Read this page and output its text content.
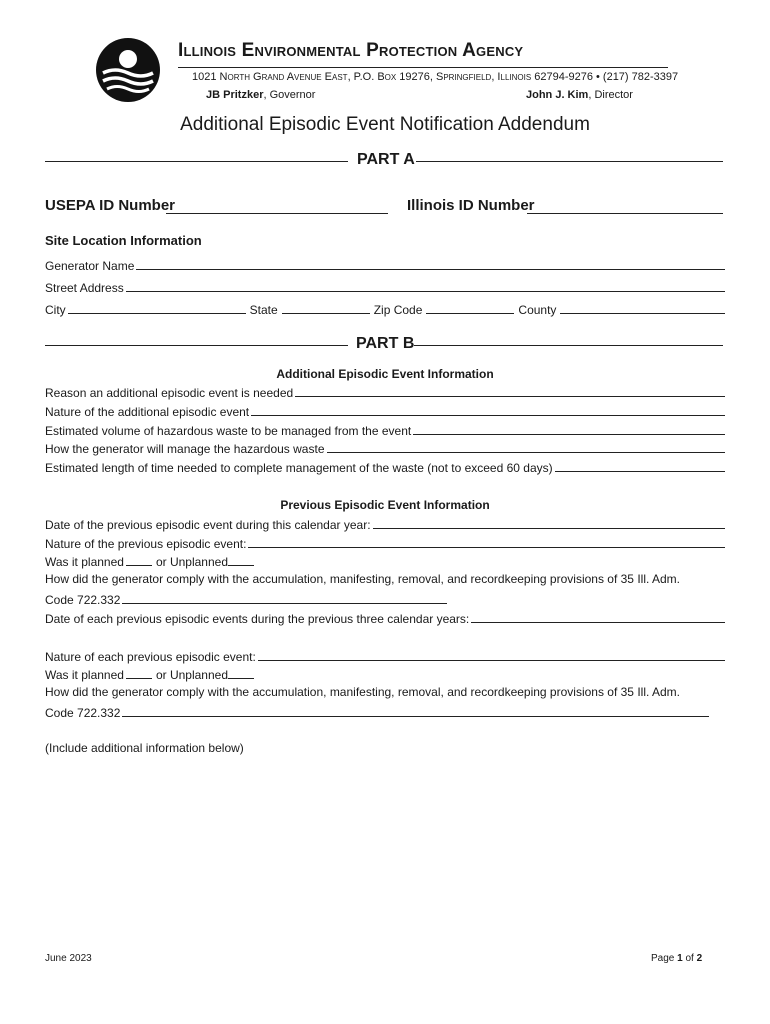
Illinois Environmental Protection Agency
1021 North Grand Avenue East, P.O. Box 19276, Springfield, Illinois 62794-9276 • (217) 782-3397
JB Pritzker, Governor	John J. Kim, Director
Additional Episodic Event Notification Addendum
PART A
USEPA ID Number	Illinois ID Number
Site Location Information
Generator Name
Street Address
City	State	Zip Code	County
PART B
Additional Episodic Event Information
Reason an additional episodic event is needed
Nature of the additional episodic event
Estimated volume of hazardous waste to be managed from the event
How the generator will manage the hazardous waste
Estimated length of time needed to complete management of the waste (not to exceed 60 days)
Previous Episodic Event Information
Date of the previous episodic event during this calendar year:
Nature of the previous episodic event:
Was it planned	or Unplanned
How did the generator comply with the accumulation, manifesting, removal, and recordkeeping provisions of 35 Ill. Adm.
Code 722.332
Date of each previous episodic events during the previous three calendar years:
Nature of each previous episodic event:
Was it planned	or Unplanned
How did the generator comply with the accumulation, manifesting, removal, and recordkeeping provisions of 35 Ill. Adm.
Code 722.332
(Include additional information below)
June 2023	Page 1 of 2
